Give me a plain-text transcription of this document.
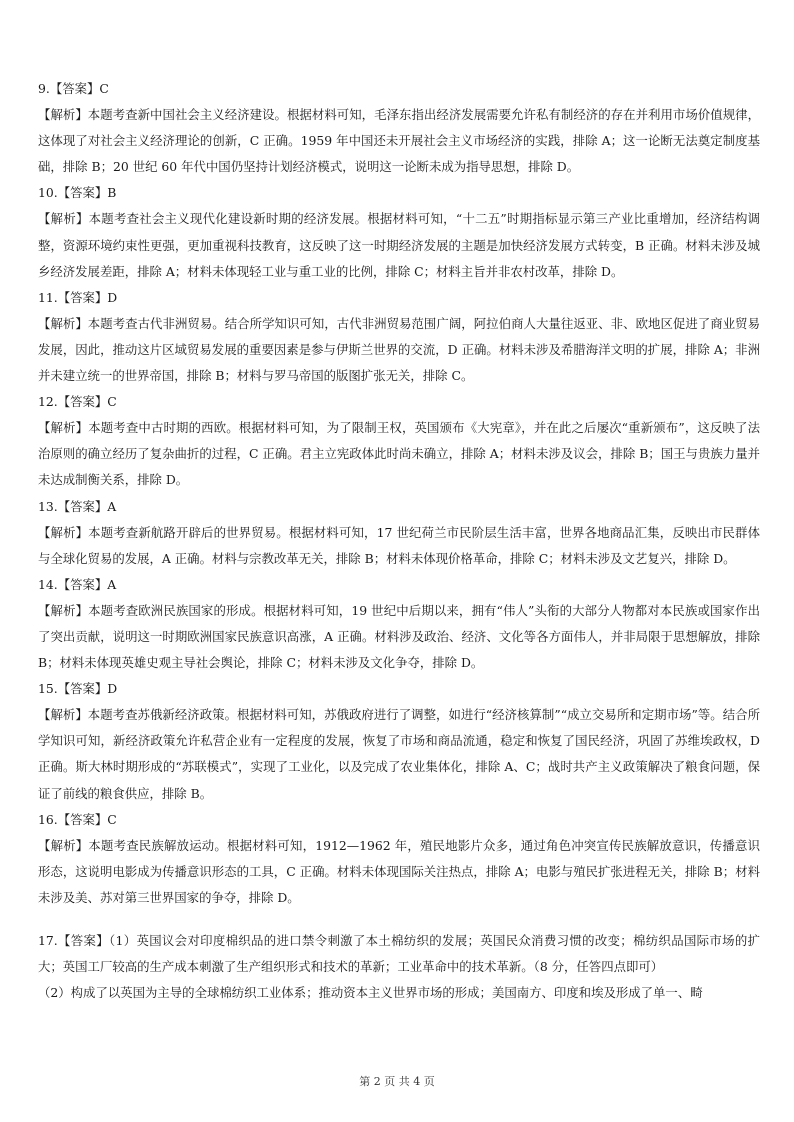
9.【答案】C

【解析】本题考查新中国社会主义经济建设。根据材料可知，毛泽东指出经济发展需要允许私有制经济的存在并利用市场价值规律，这体现了对社会主义经济理论的创新，C 正确。1959 年中国还未开展社会主义市场经济的实践，排除 A；这一论断无法奠定制度基础，排除 B；20 世纪 60 年代中国仍坚持计划经济模式，说明这一论断未成为指导思想，排除 D。

10.【答案】B

【解析】本题考查社会主义现代化建设新时期的经济发展。根据材料可知，“十二五”时期指标显示第三产业比重增加，经济结构调整，资源环境约束性更强，更加重视科技教育，这反映了这一时期经济发展的主题是加快经济发展方式转变，B 正确。材料未涉及城乡经济发展差距，排除 A；材料未体现轻工业与重工业的比例，排除 C；材料主旨并非农村改革，排除 D。

11.【答案】D

【解析】本题考查古代非洲贸易。结合所学知识可知，古代非洲贸易范围广阔，阿拉伯商人大量往返亚、非、欧地区促进了商业贸易发展，因此，推动这片区域贸易发展的重要因素是参与伊斯兰世界的交流，D 正确。材料未涉及希腊海洋文明的扩展，排除 A；非洲并未建立统一的世界帝国，排除 B；材料与罗马帝国的版图扩张无关，排除 C。

12.【答案】C

【解析】本题考查中古时期的西欧。根据材料可知，为了限制王权，英国颁布《大宪章》，并在此之后屡次“重新颁布”，这反映了法治原则的确立经历了复杂曲折的过程，C 正确。君主立宪政体此时尚未确立，排除 A；材料未涉及议会，排除 B；国王与贵族力量并未达成制衡关系，排除 D。

13.【答案】A

【解析】本题考查新航路开辟后的世界贸易。根据材料可知，17 世纪荷兰市民阶层生活丰富，世界各地商品汇集，反映出市民群体与全球化贸易的发展，A 正确。材料与宗教改革无关，排除 B；材料未体现价格革命，排除 C；材料未涉及文艺复兴，排除 D。

14.【答案】A

【解析】本题考查欧洲民族国家的形成。根据材料可知，19 世纪中后期以来，拥有“伟人”头衔的大部分人物都对本民族或国家作出了突出贡献，说明这一时期欧洲国家民族意识高涨，A 正确。材料涉及政治、经济、文化等各方面伟人，并非局限于思想解放，排除 B；材料未体现英雄史观主导社会舆论，排除 C；材料未涉及文化争夺，排除 D。

15.【答案】D

【解析】本题考查苏俄新经济政策。根据材料可知，苏俄政府进行了调整，如进行“经济核算制”“成立交易所和定期市场”等。结合所学知识可知，新经济政策允许私营企业有一定程度的发展，恢复了市场和商品流通，稳定和恢复了国民经济，巩固了苏维埃政权，D 正确。斯大林时期形成的“苏联模式”，实现了工业化，以及完成了农业集体化，排除 A、C；战时共产主义政策解决了粮食问题，保证了前线的粮食供应，排除 B。

16.【答案】C

【解析】本题考查民族解放运动。根据材料可知，1912—1962 年，殖民地影片众多，通过角色冲突宣传民族解放意识，传播意识形态，这说明电影成为传播意识形态的工具，C 正确。材料未体现国际关注热点，排除 A；电影与殖民扩张进程无关，排除 B；材料未涉及美、苏对第三世界国家的争夺，排除 D。

17.【答案】（1）英国议会对印度棉织品的进口禁令刺激了本土棉纺织的发展；英国民众消费习惯的改变；棉纺织品国际市场的扩大；英国工厂较高的生产成本刺激了生产组织形式和技术的革新；工业革命中的技术革新。（8 分，任答四点即可）

（2）构成了以英国为主导的全球棉纺织工业体系；推动资本主义世界市场的形成；美国南方、印度和埃及形成了单一、畸

第 2 页 共 4 页
